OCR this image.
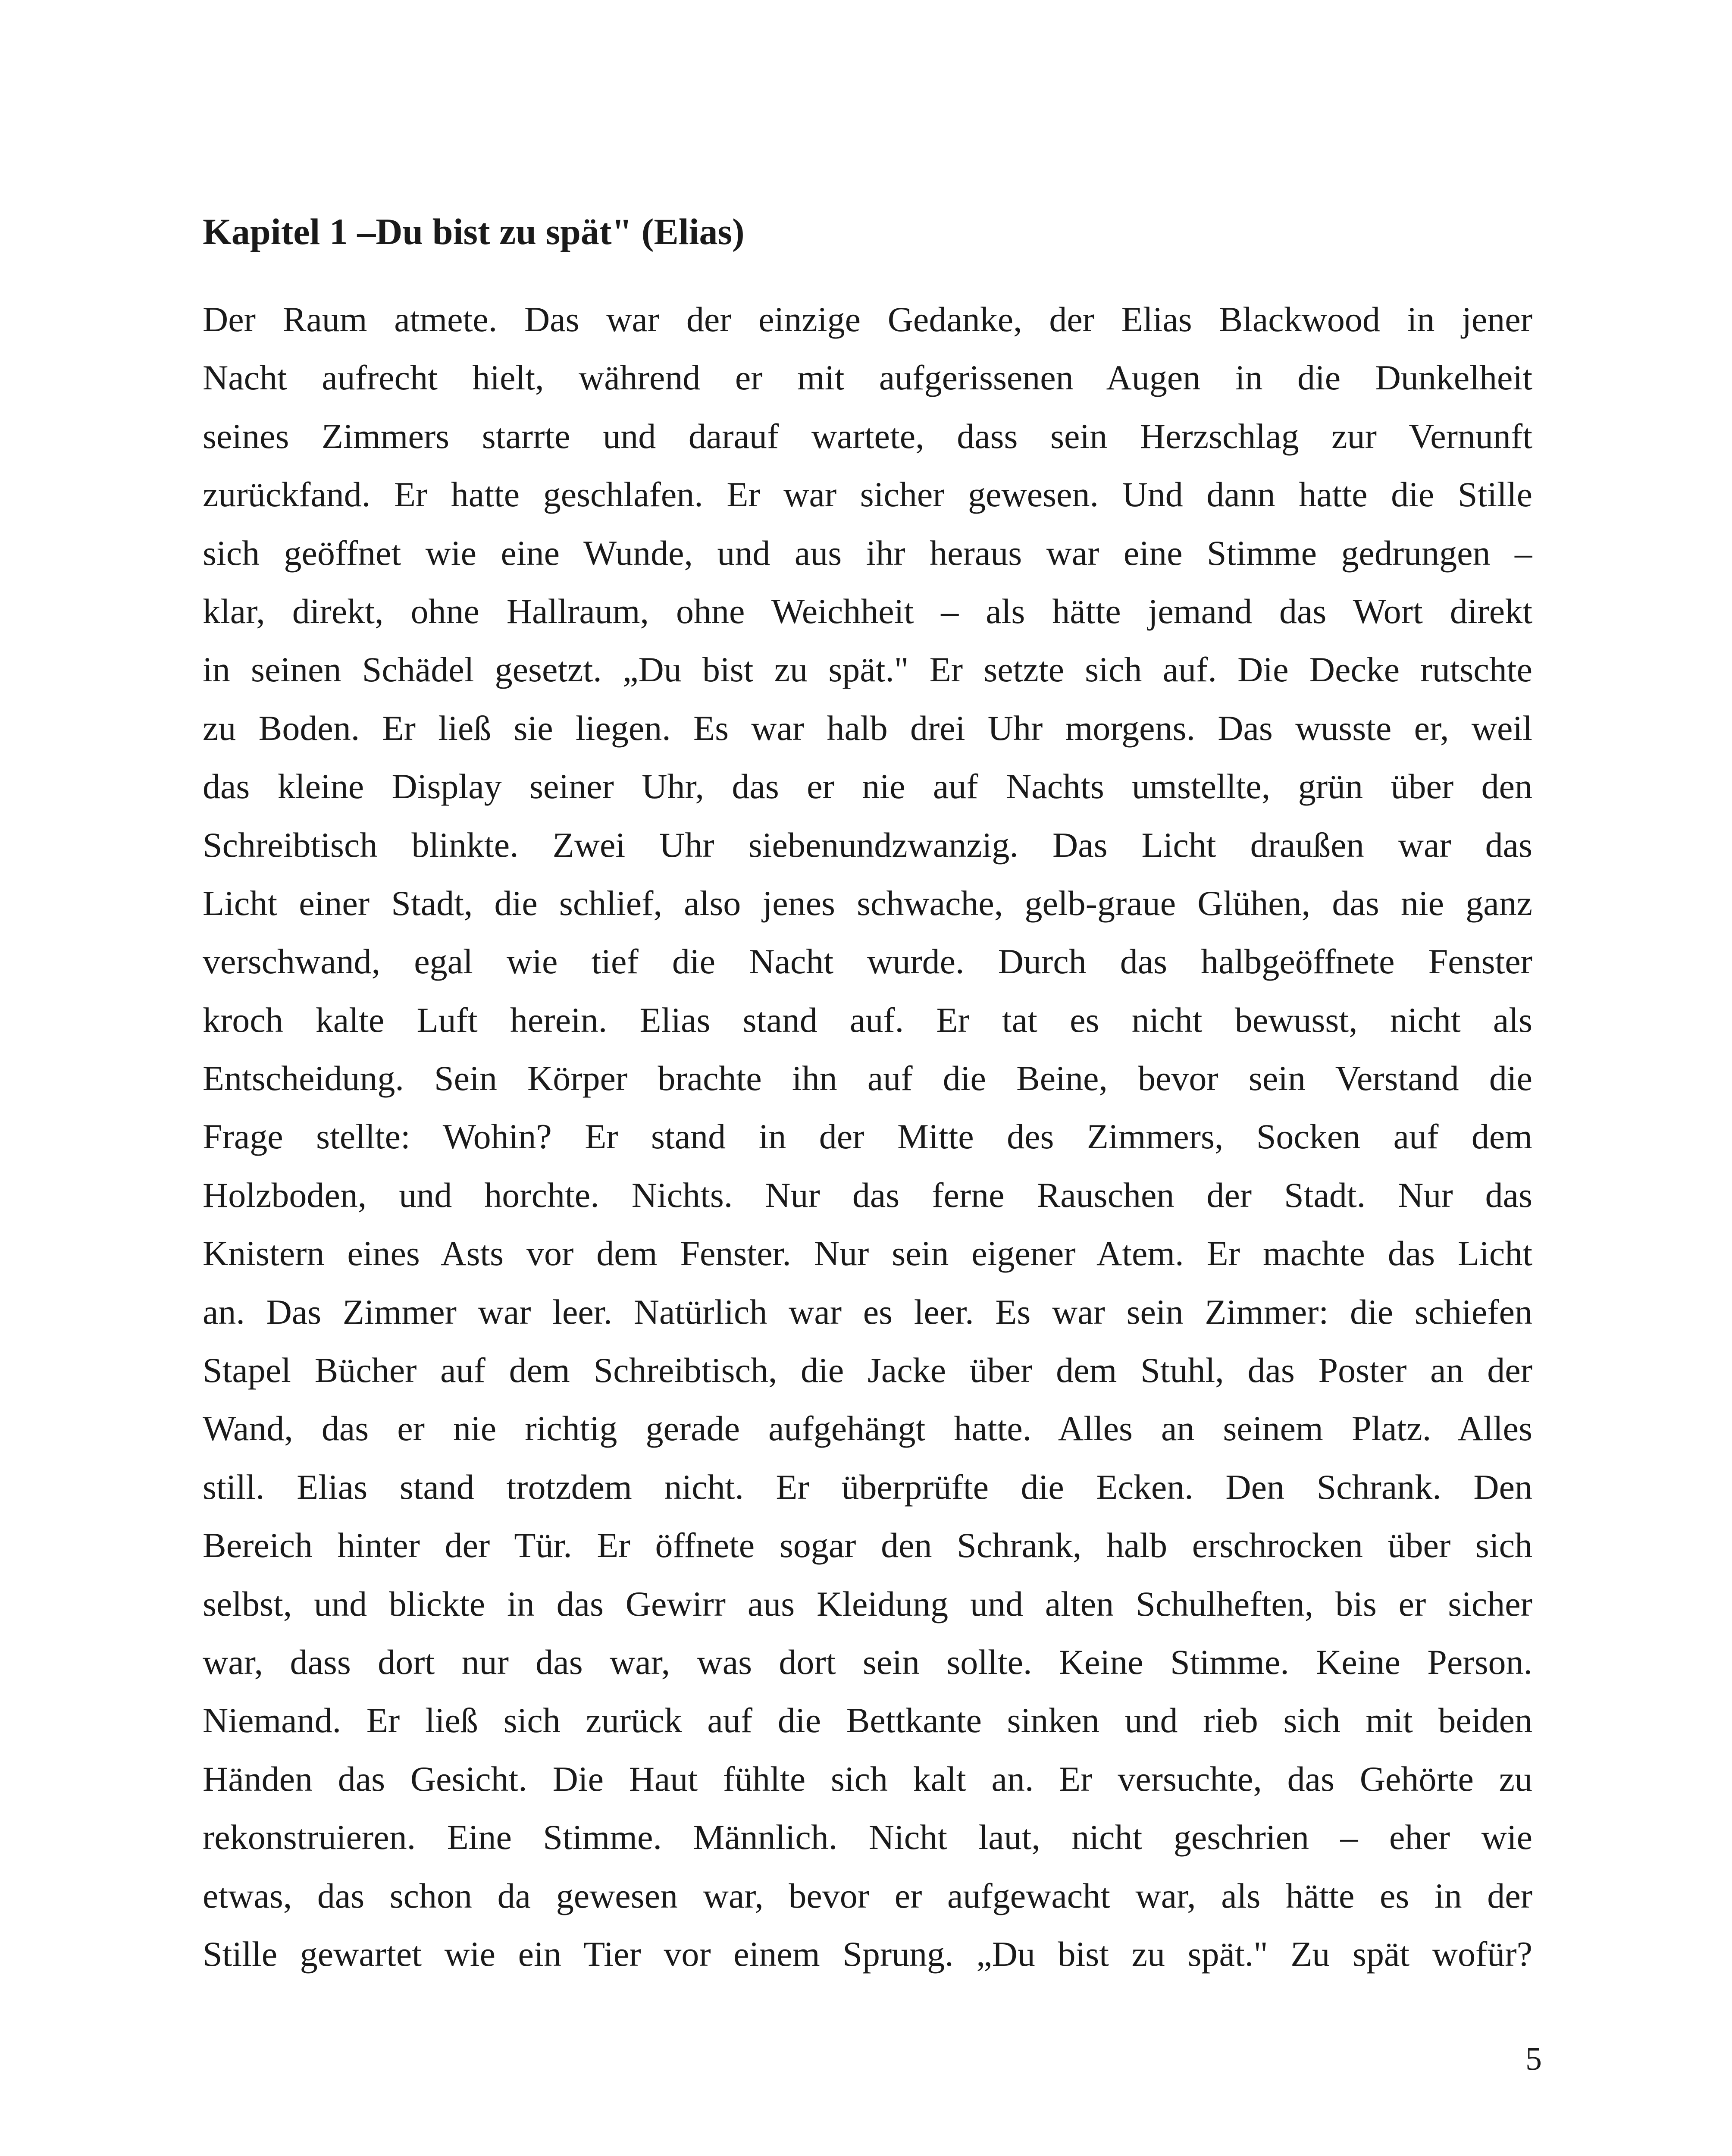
Kapitel 1 –Du bist zu spät" (Elias)
Der Raum atmete. Das war der einzige Gedanke, der Elias Blackwood in jener
Nacht aufrecht hielt, während er mit aufgerissenen Augen in die Dunkelheit
seines Zimmers starrte und darauf wartete, dass sein Herzschlag zur Vernunft
zurückfand. Er hatte geschlafen. Er war sicher gewesen. Und dann hatte die Stille
sich geöffnet wie eine Wunde, und aus ihr heraus war eine Stimme gedrungen –
klar, direkt, ohne Hallraum, ohne Weichheit – als hätte jemand das Wort direkt
in seinen Schädel gesetzt. „Du bist zu spät." Er setzte sich auf. Die Decke rutschte
zu Boden. Er ließ sie liegen. Es war halb drei Uhr morgens. Das wusste er, weil
das kleine Display seiner Uhr, das er nie auf Nachts umstellte, grün über den
Schreibtisch blinkte. Zwei Uhr siebenundzwanzig. Das Licht draußen war das
Licht einer Stadt, die schlief, also jenes schwache, gelb-graue Glühen, das nie ganz
verschwand, egal wie tief die Nacht wurde. Durch das halbgeöffnete Fenster
kroch kalte Luft herein. Elias stand auf. Er tat es nicht bewusst, nicht als
Entscheidung. Sein Körper brachte ihn auf die Beine, bevor sein Verstand die
Frage stellte: Wohin? Er stand in der Mitte des Zimmers, Socken auf dem
Holzboden, und horchte. Nichts. Nur das ferne Rauschen der Stadt. Nur das
Knistern eines Asts vor dem Fenster. Nur sein eigener Atem. Er machte das Licht
an. Das Zimmer war leer. Natürlich war es leer. Es war sein Zimmer: die schiefen
Stapel Bücher auf dem Schreibtisch, die Jacke über dem Stuhl, das Poster an der
Wand, das er nie richtig gerade aufgehängt hatte. Alles an seinem Platz. Alles
still. Elias stand trotzdem nicht. Er überprüfte die Ecken. Den Schrank. Den
Bereich hinter der Tür. Er öffnete sogar den Schrank, halb erschrocken über sich
selbst, und blickte in das Gewirr aus Kleidung und alten Schulheften, bis er sicher
war, dass dort nur das war, was dort sein sollte. Keine Stimme. Keine Person.
Niemand. Er ließ sich zurück auf die Bettkante sinken und rieb sich mit beiden
Händen das Gesicht. Die Haut fühlte sich kalt an. Er versuchte, das Gehörte zu
rekonstruieren. Eine Stimme. Männlich. Nicht laut, nicht geschrien – eher wie
etwas, das schon da gewesen war, bevor er aufgewacht war, als hätte es in der
Stille gewartet wie ein Tier vor einem Sprung. „Du bist zu spät." Zu spät wofür?

5
